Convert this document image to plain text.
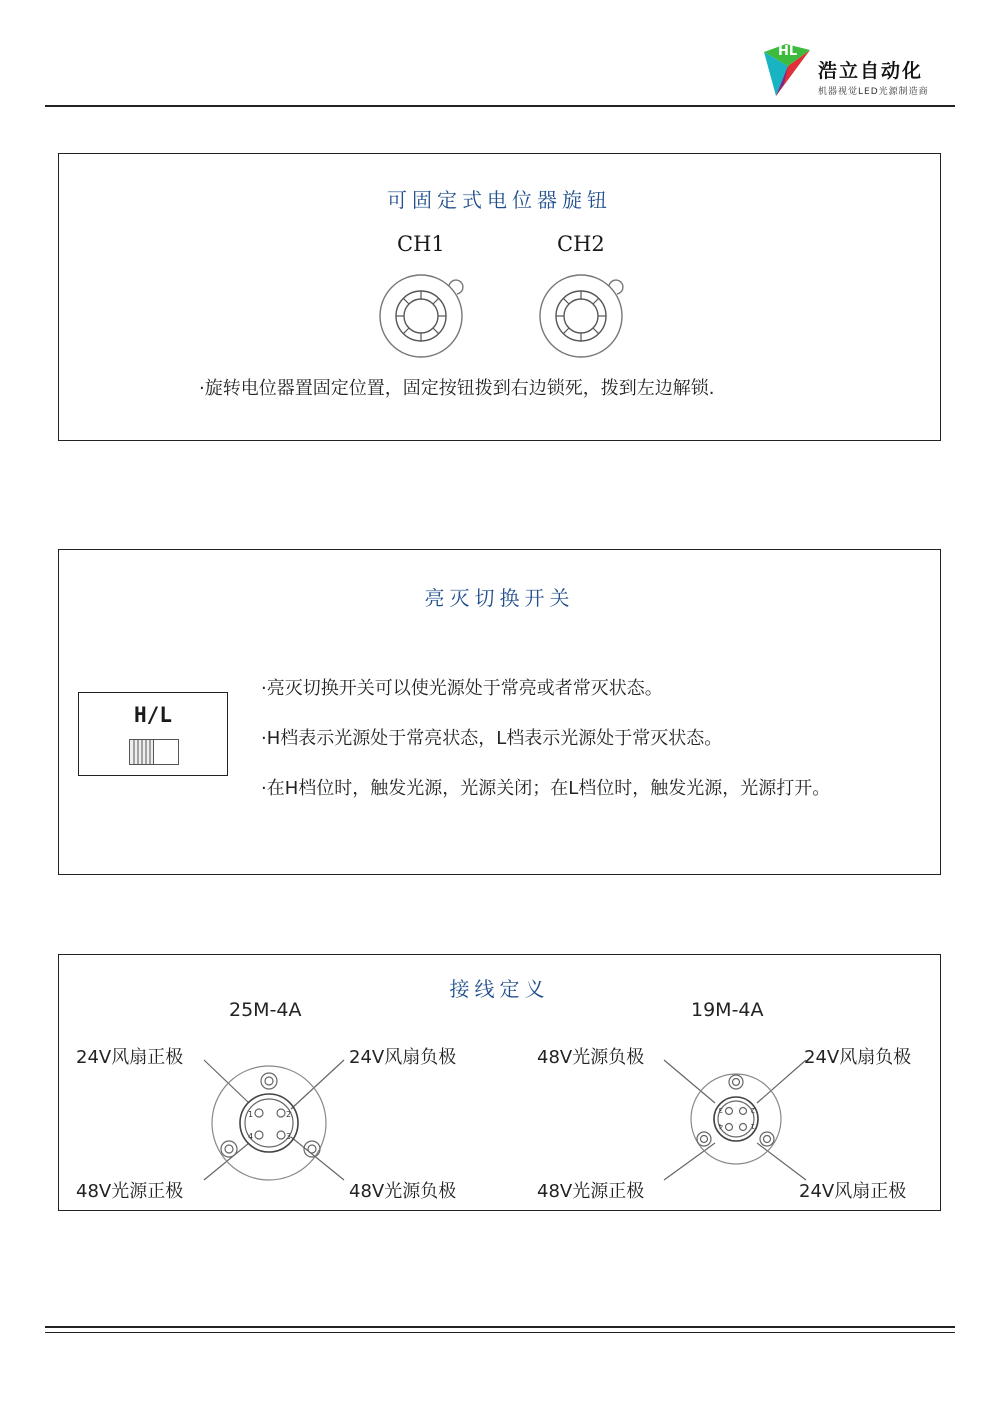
HL
浩立自动化
机器视觉LED光源制造商
可固定式电位器旋钮
CH1	CH2
·旋转电位器置固定位置，固定按钮拨到右边锁死，拨到左边解锁.
亮灭切换开关
H/L
·亮灭切换开关可以使光源处于常亮或者常灭状态。
·H档表示光源处于常亮状态，L档表示光源处于常灭状态。
·在H档位时，触发光源，光源关闭；在L档位时，触发光源，光源打开。
接线定义
25M-4A
24V风扇正极	24V风扇负极
48V光源正极	48V光源负极
1	2
3
4
19M-4A
48V光源负极	24V风扇负极
48V光源正极	24V风扇正极
1
2
3
4
